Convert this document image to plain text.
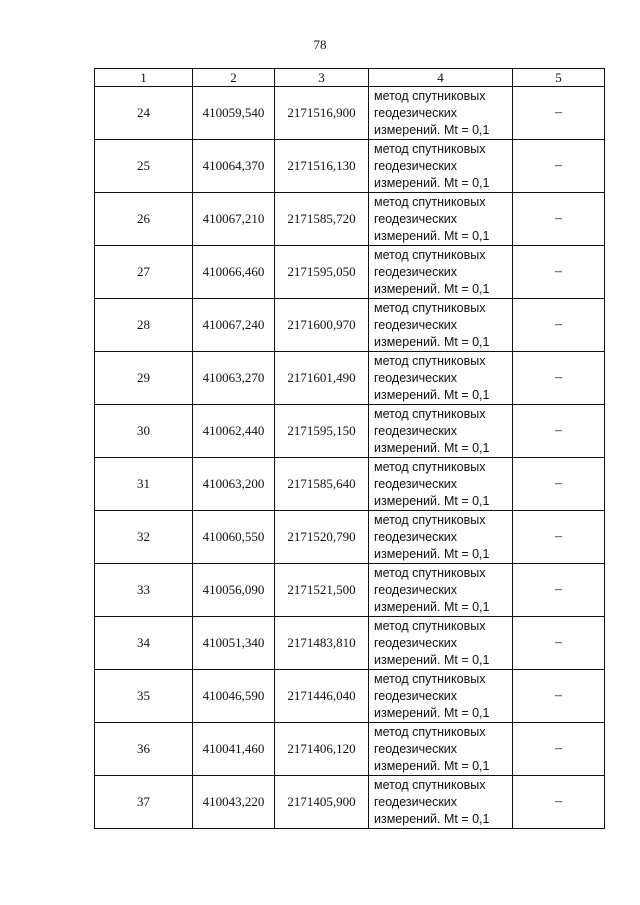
78
1	2	3	4	5
24	410059,540	2171516,900	метод спутниковых
геодезических
измерений. Mt = 0,1	–
25	410064,370	2171516,130	метод спутниковых
геодезических
измерений. Mt = 0,1	–
26	410067,210	2171585,720	метод спутниковых
геодезических
измерений. Mt = 0,1	–
27	410066,460	2171595,050	метод спутниковых
геодезических
измерений. Mt = 0,1	–
28	410067,240	2171600,970	метод спутниковых
геодезических
измерений. Mt = 0,1	–
29	410063,270	2171601,490	метод спутниковых
геодезических
измерений. Mt = 0,1	–
30	410062,440	2171595,150	метод спутниковых
геодезических
измерений. Mt = 0,1	–
31	410063,200	2171585,640	метод спутниковых
геодезических
измерений. Mt = 0,1	–
32	410060,550	2171520,790	метод спутниковых
геодезических
измерений. Mt = 0,1	–
33	410056,090	2171521,500	метод спутниковых
геодезических
измерений. Mt = 0,1	–
34	410051,340	2171483,810	метод спутниковых
геодезических
измерений. Mt = 0,1	–
35	410046,590	2171446,040	метод спутниковых
геодезических
измерений. Mt = 0,1	–
36	410041,460	2171406,120	метод спутниковых
геодезических
измерений. Mt = 0,1	–
37	410043,220	2171405,900	метод спутниковых
геодезических
измерений. Mt = 0,1	–
